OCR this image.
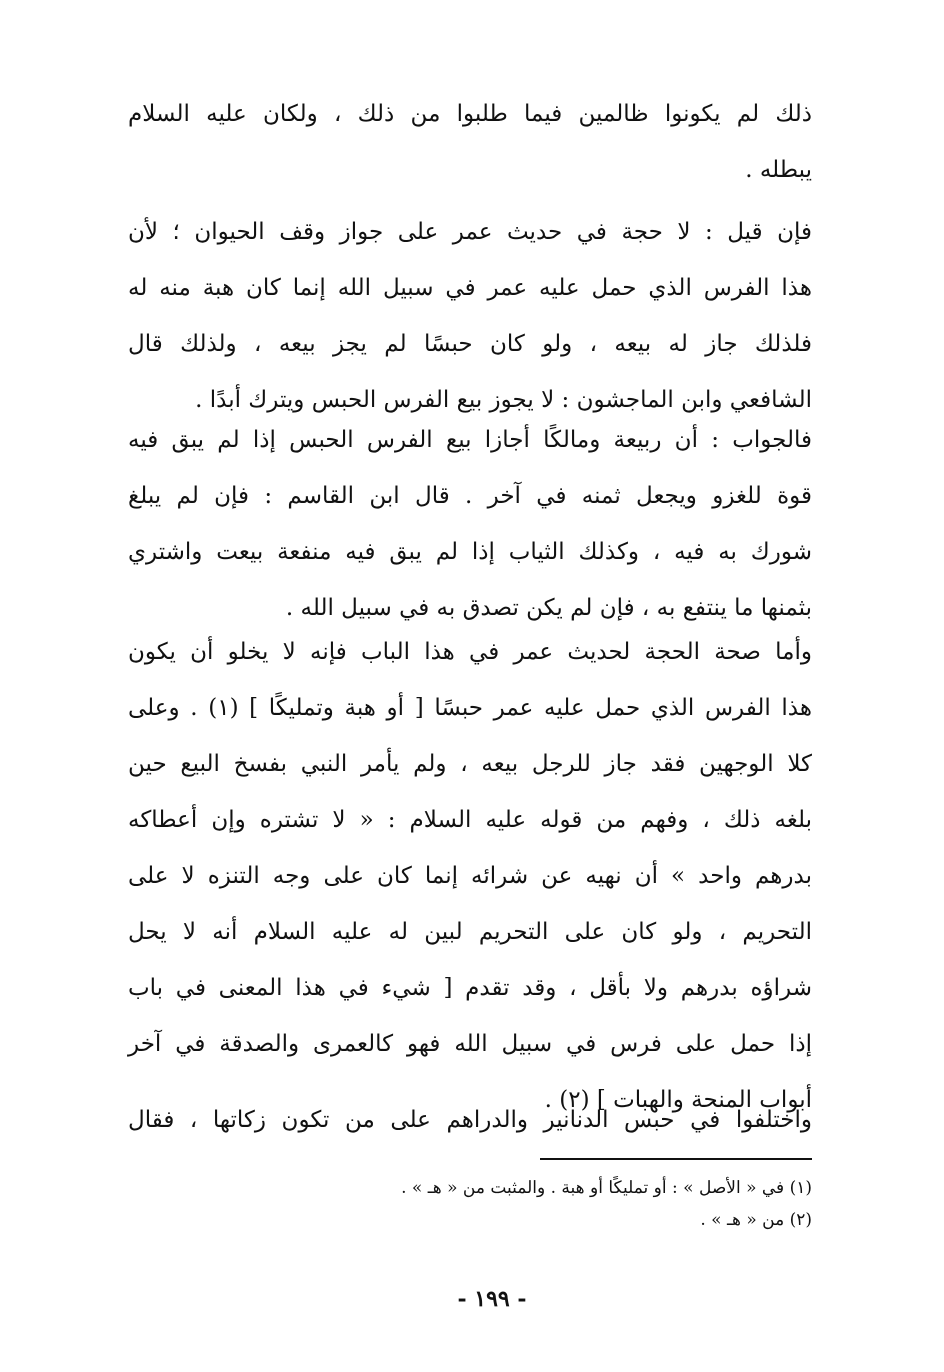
ذلك لم يكونوا ظالمين فيما طلبوا من ذلك ، ولكان عليه السلام
يبطله .
فإن قيل : لا حجة في حديث عمر على جواز وقف الحيوان ؛ لأن
هذا الفرس الذي حمل عليه عمر في سبيل الله إنما كان هبة منه له
فلذلك جاز له بيعه ، ولو كان حبسًا لم يجز بيعه ، ولذلك قال
الشافعي وابن الماجشون : لا يجوز بيع الفرس الحبس ويترك أبدًا .
فالجواب : أن ربيعة ومالكًا أجازا بيع الفرس الحبس إذا لم يبق فيه
قوة للغزو ويجعل ثمنه في آخر . قال ابن القاسم : فإن لم يبلغ
شورك به فيه ، وكذلك الثياب إذا لم يبق فيه منفعة بيعت واشتري
بثمنها ما ينتفع به ، فإن لم يكن تصدق به في سبيل الله .
وأما صحة الحجة لحديث عمر في هذا الباب فإنه لا يخلو أن يكون
هذا الفرس الذي حمل عليه عمر حبسًا [ أو هبة وتمليكًا ] (١) . وعلى
كلا الوجهين فقد جاز للرجل بيعه ، ولم يأمر النبي بفسخ البيع حين
بلغه ذلك ، وفهم من قوله عليه السلام : « لا تشتره وإن أعطاكه
بدرهم واحد » أن نهيه عن شرائه إنما كان على وجه التنزه لا على
التحريم ، ولو كان على التحريم لبين له عليه السلام أنه لا يحل
شراؤه بدرهم ولا بأقل ، وقد تقدم [ شيء في هذا المعنى في باب
إذا حمل على فرس في سبيل الله فهو كالعمرى والصدقة في آخر
أبواب المنحة والهبات ] (٢) .
واختلفوا في حبس الدنانير والدراهم على من تكون زكاتها ، فقال
(١) في « الأصل » : أو تمليكًا أو هبة . والمثبت من « هـ » .
(٢) من « هـ » .
- ١٩٩ -
